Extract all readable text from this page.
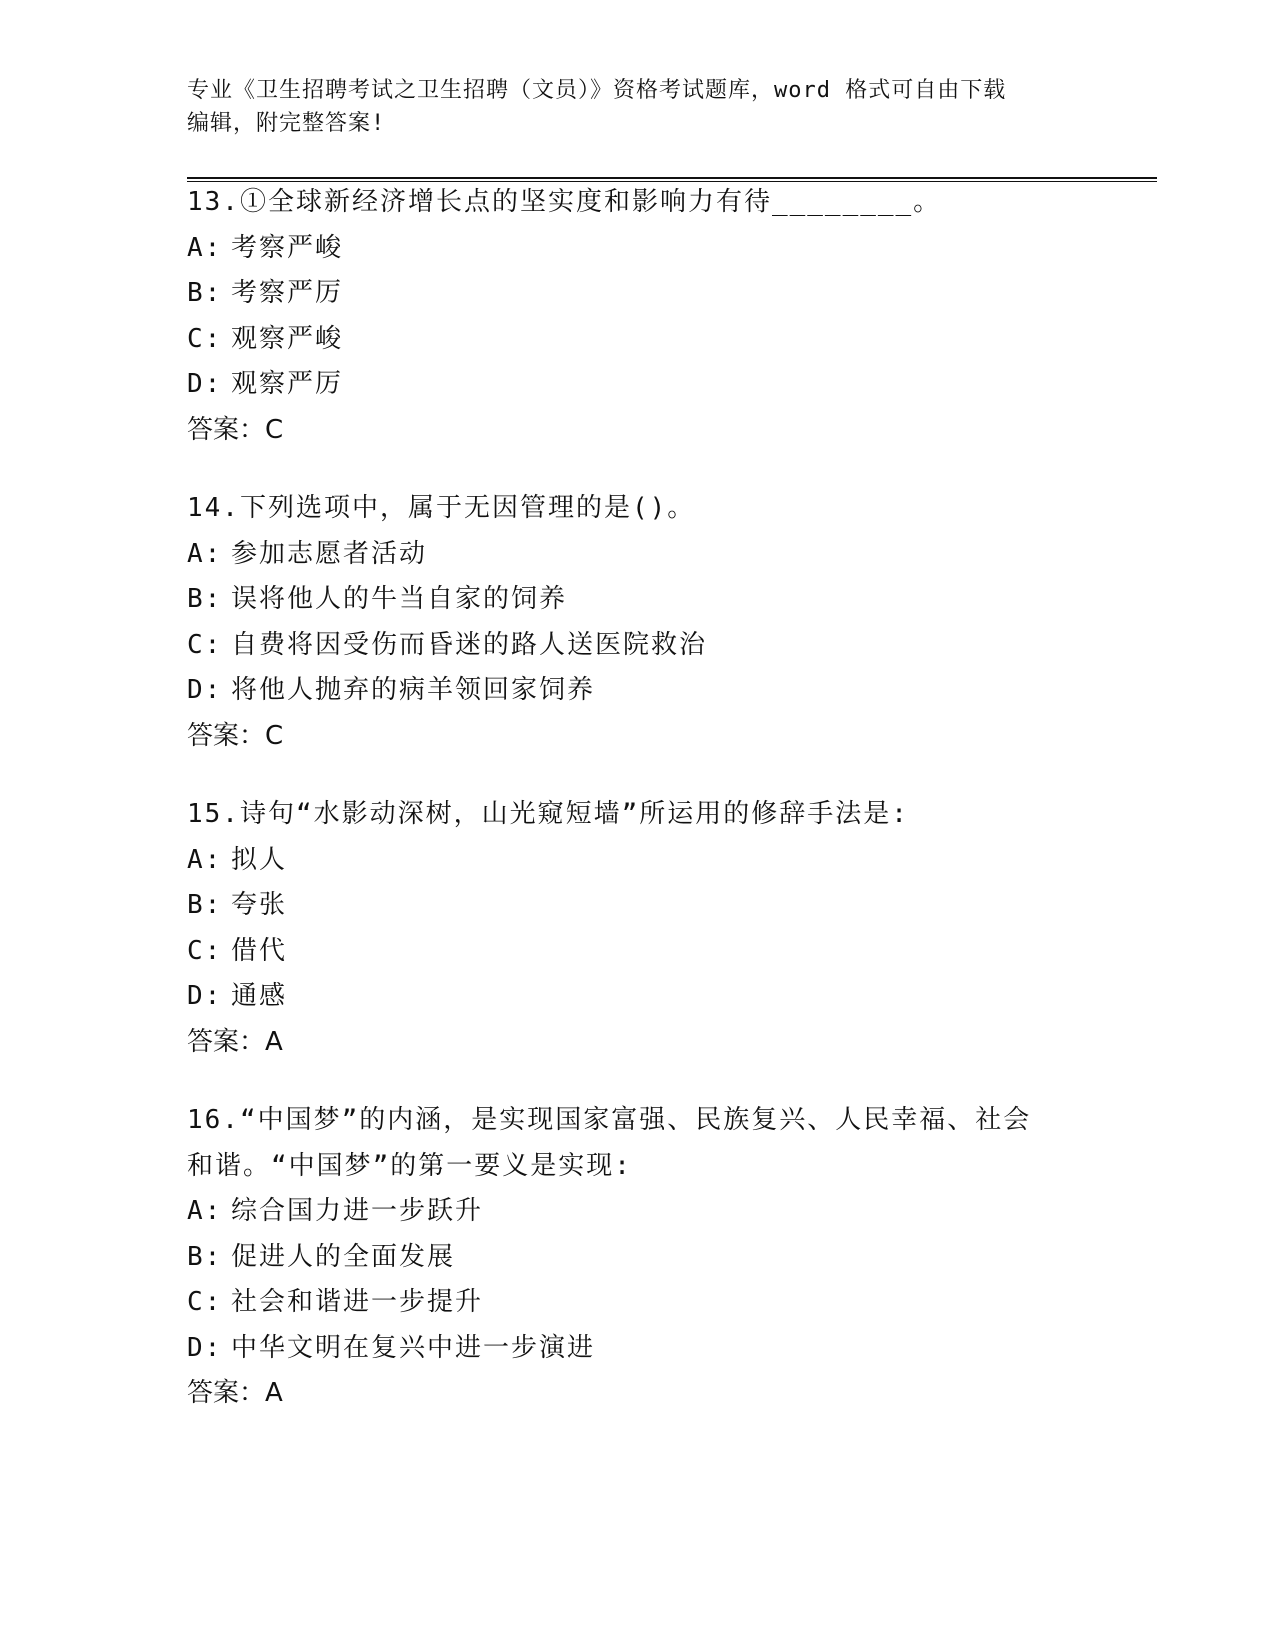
专业《卫生招聘考试之卫生招聘（文员）》资格考试题库，word 格式可自由下载
编辑，附完整答案!
13.①全球新经济增长点的坚实度和影响力有待________。
A: 考察严峻
B: 考察严厉
C: 观察严峻
D: 观察严厉
答案：C
14.下列选项中，属于无因管理的是()。
A: 参加志愿者活动
B: 误将他人的牛当自家的饲养
C: 自费将因受伤而昏迷的路人送医院救治
D: 将他人抛弃的病羊领回家饲养
答案：C
15.诗句“水影动深树，山光窥短墙”所运用的修辞手法是:
A: 拟人
B: 夸张
C: 借代
D: 通感
答案：A
16.“中国梦”的内涵，是实现国家富强、民族复兴、人民幸福、社会
和谐。“中国梦”的第一要义是实现:
A: 综合国力进一步跃升
B: 促进人的全面发展
C: 社会和谐进一步提升
D: 中华文明在复兴中进一步演进
答案：A
